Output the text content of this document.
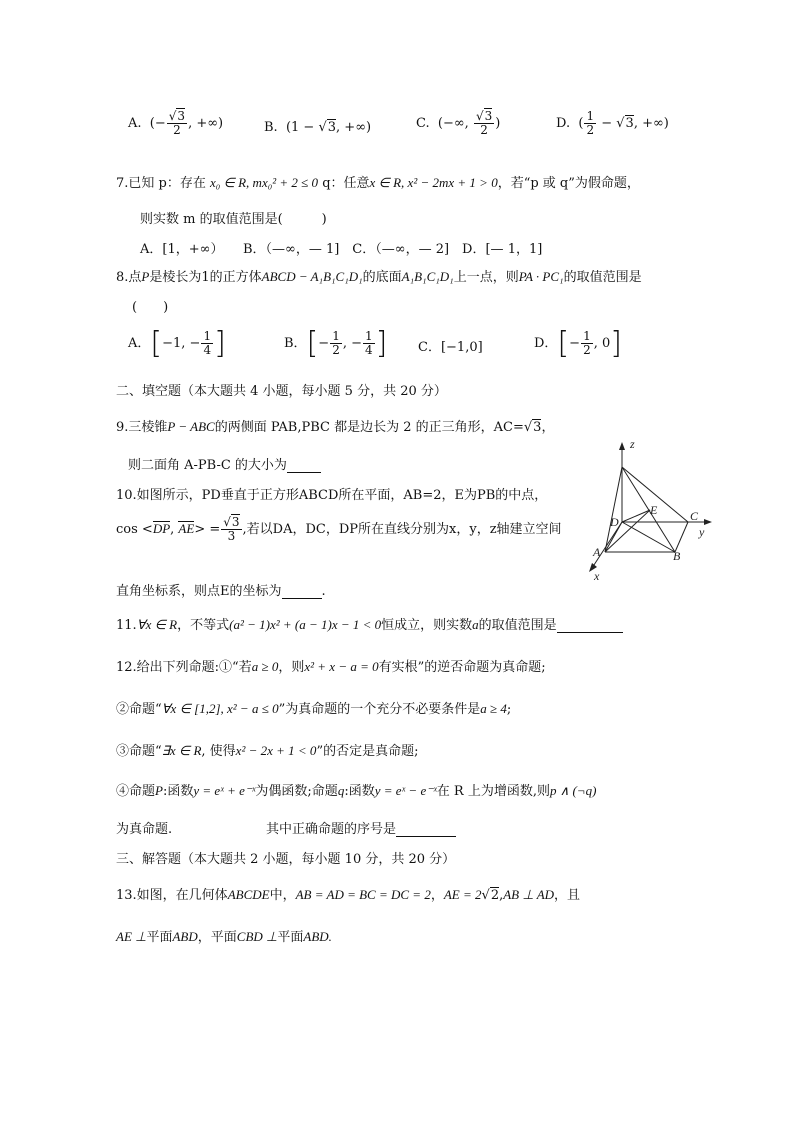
A.  (− $\frac{√3}{2}$ , +∞)	B.  (1 − √3, +∞)	C.  (−∞, $\frac{√3}{2}$ )	D.  ( $\frac{1}{2} - √3$, +∞)
7.已知 p：存在 x₀ ∈ R, mx₀² + 2 ≤ 0 q：任意x ∈ R, x² − 2mx + 1 > 0，若“p 或 q”为假命题，
则实数 m 的取值范围是(　　　)
A．[1，+∞）　　B．（—∞，— 1]　C．（—∞，— 2]　D．[— 1，1]
8.点P是棱长为1的正方体ABCD − A₁B₁C₁D₁的底面A₁B₁C₁D₁上一点，则PA · PC₁的取值范围是
(　　)
A．[−1, − $\frac{1}{4}$ ]	B．[− $\frac{1}{2}$ , − $\frac{1}{4}$ ] C．[−1,0]	D．[− $\frac{1}{2}$ , 0]
二、填空题（本大题共 4 小题，每小题 5 分，共 20 分）
9.三棱锥P − ABC的两侧面 PAB,PBC 都是边长为 2 的正三角形，AC=√3，
则二面角 A-PB-C 的大小为
10.如图所示，PD垂直于正方形ABCD所在平面，AB=2，E为PB的中点，
cos <DP, $AE> = \frac{√3}{3}$ ,若以DA，DC，DP所在直线分别为x，y，z轴建立空间
直角坐标系，则点E的坐标为	.
z
y
x
E	C
D
A	B
11.∀x ∈ R，不等式(a² − 1)x² + (a − 1)x − 1 < 0恒成立，则实数a的取值范围是
12.给出下列命题:①“若a ≥ 0，则x² + x − a = 0有实根”的逆否命题为真命题;
②命题“∀x ∈ [1,2], x² − a ≤ 0”为真命题的一个充分不必要条件是a ≥ 4;
③命题“∃x ∈ R, 使得x² − 2x + 1 < 0”的否定是真命题;
④命题P:函数y = eˣ + e⁻ˣ为偶函数;命题q:函数y = eˣ − e⁻ˣ在 R 上为增函数,则p ∧ (¬q)
为真命题.	其中正确命题的序号是
三、解答题（本大题共 2 小题，每小题 10 分，共 20 分）
13.如图，在几何体ABCDE中，AB = AD = BC = DC = 2，AE = 2√2,AB ⊥ AD，且
AE ⊥平面ABD，平面CBD ⊥平面ABD.
